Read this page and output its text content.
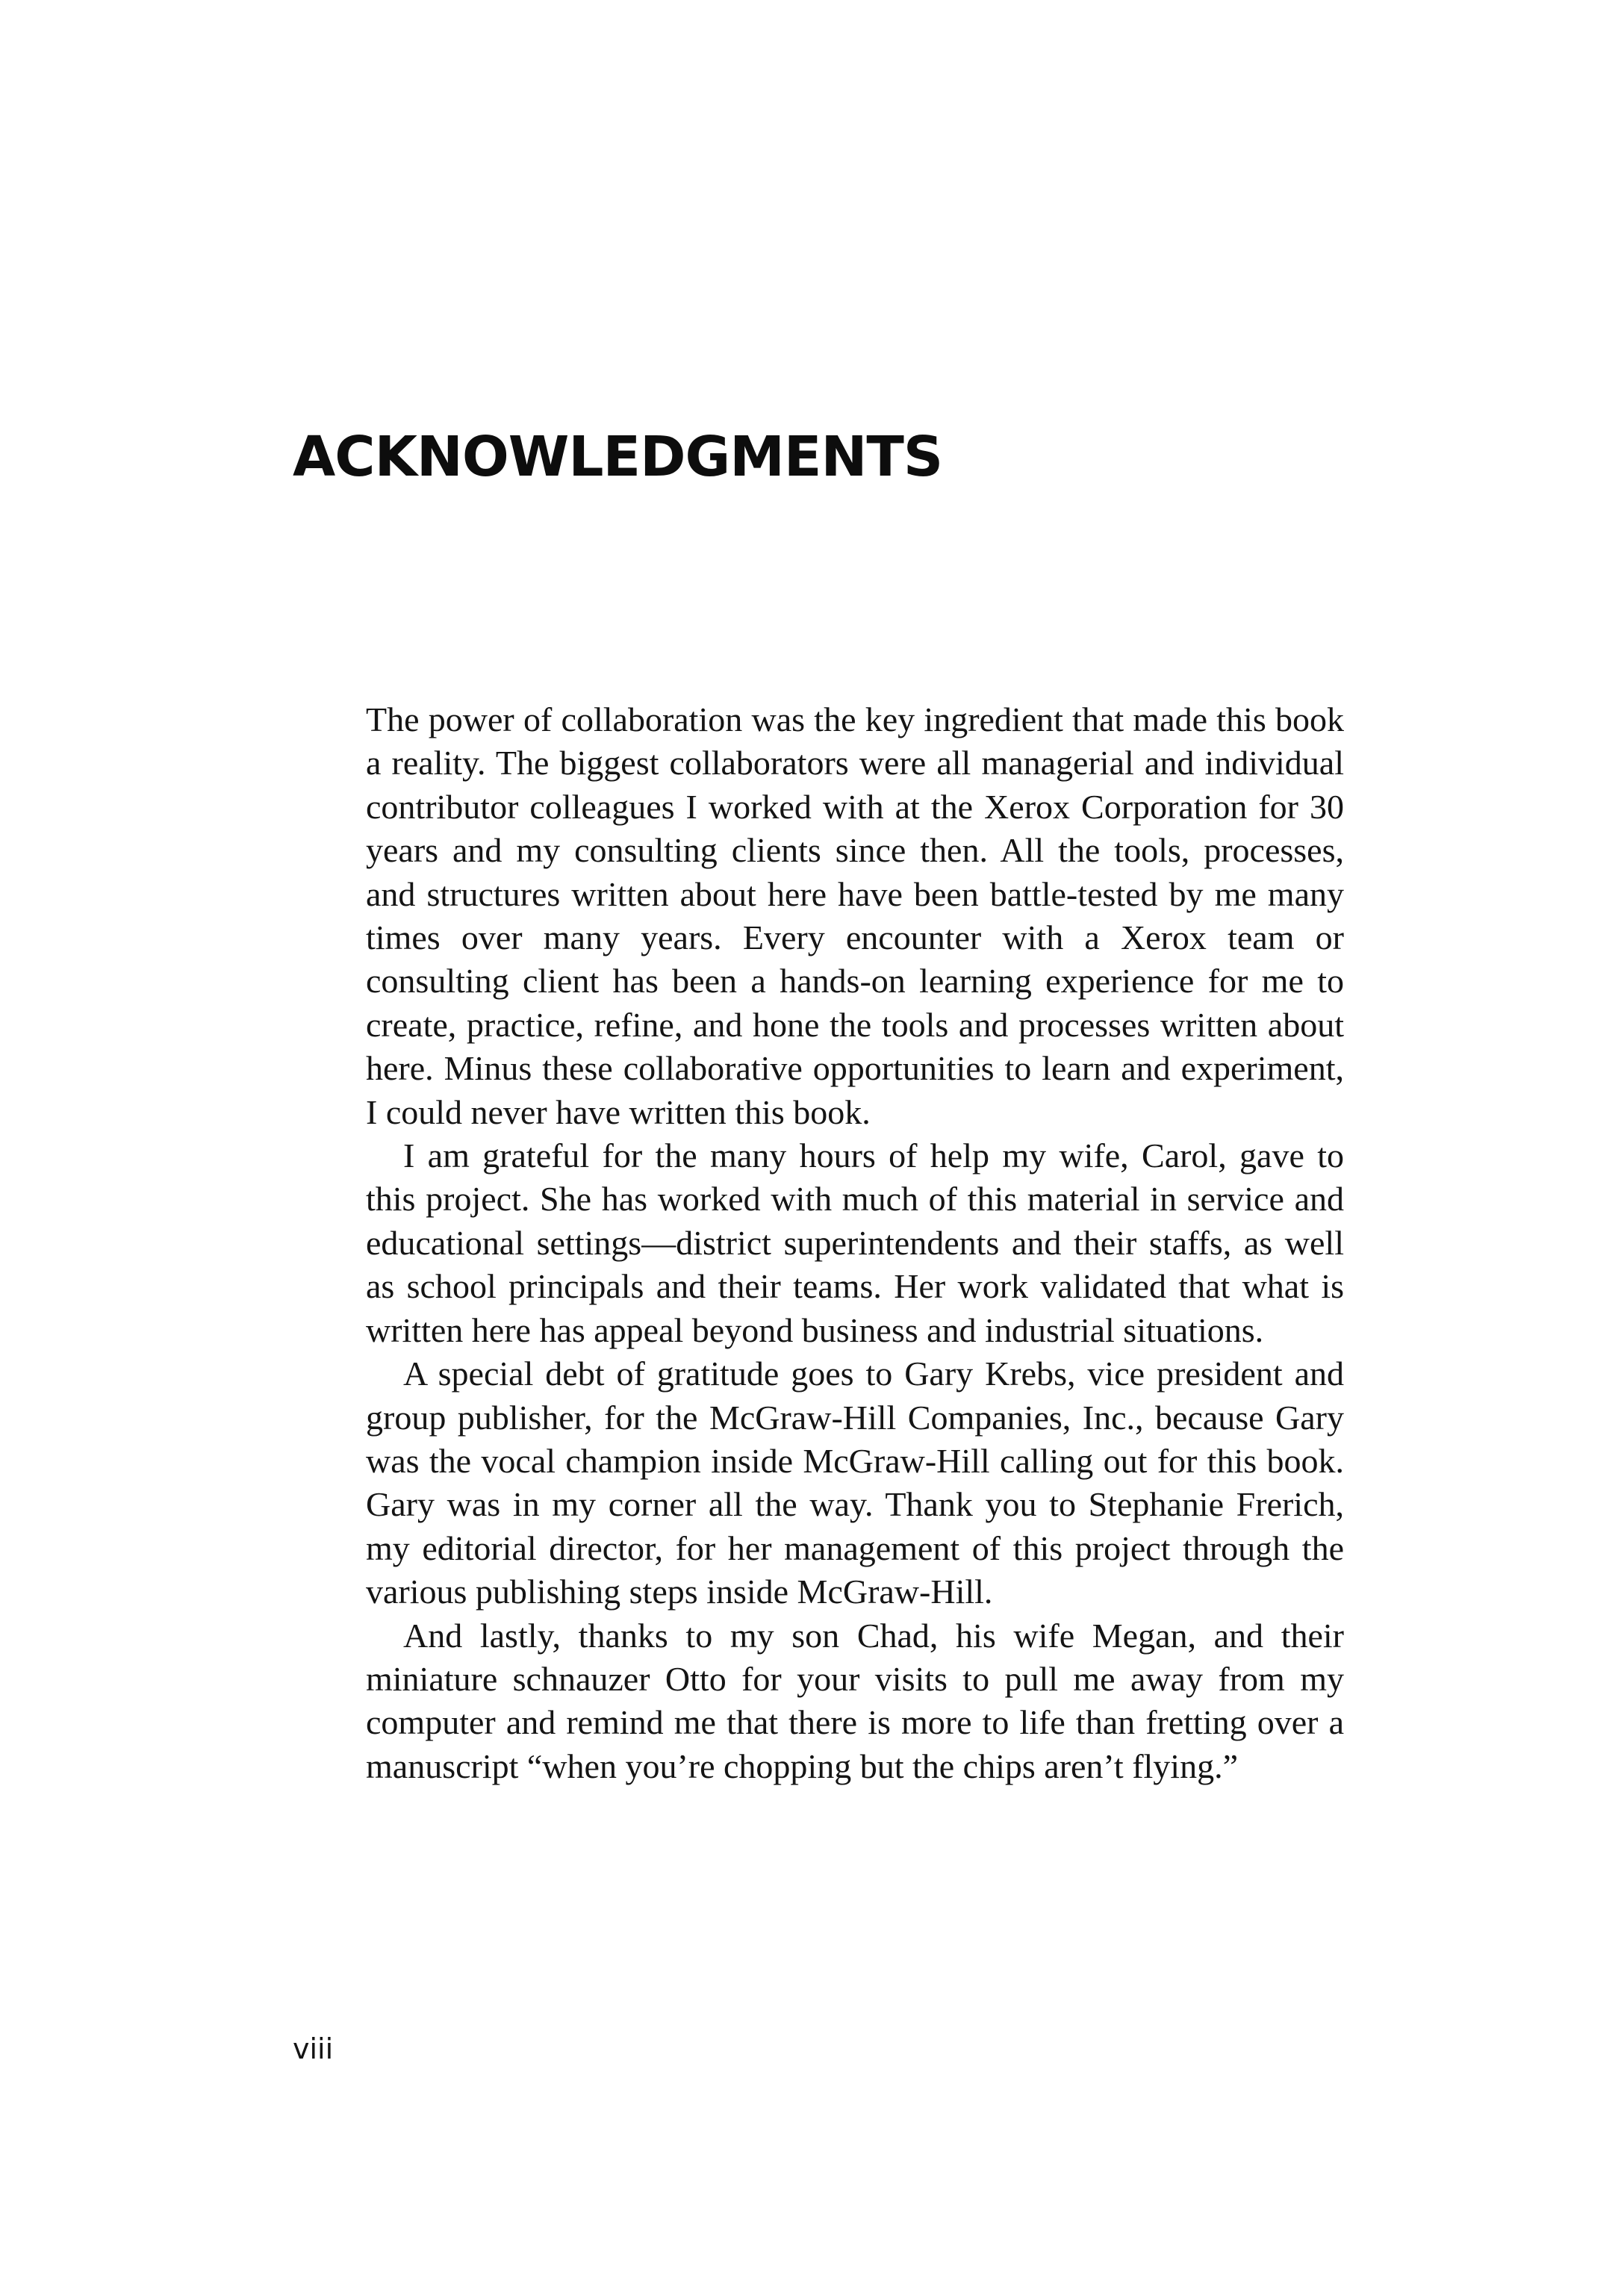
ACKNOWLEDGMENTS

The power of collaboration was the key ingredient that made this book a reality. The biggest collaborators were all managerial and individual contributor colleagues I worked with at the Xerox Corporation for 30 years and my consulting clients since then. All the tools, processes, and structures written about here have been battle-tested by me many times over many years. Every encounter with a Xerox team or consulting client has been a hands-on learning experience for me to create, practice, refine, and hone the tools and processes written about here. Minus these collaborative opportunities to learn and experiment, I could never have written this book.

I am grateful for the many hours of help my wife, Carol, gave to this project. She has worked with much of this material in service and educational settings—district superintendents and their staffs, as well as school principals and their teams. Her work validated that what is written here has appeal beyond business and industrial situations.

A special debt of gratitude goes to Gary Krebs, vice president and group publisher, for the McGraw-Hill Companies, Inc., because Gary was the vocal champion inside McGraw-Hill calling out for this book. Gary was in my corner all the way. Thank you to Stephanie Frerich, my editorial director, for her management of this project through the various publishing steps inside McGraw-Hill.

And lastly, thanks to my son Chad, his wife Megan, and their miniature schnauzer Otto for your visits to pull me away from my computer and remind me that there is more to life than fretting over a manuscript “when you’re chopping but the chips aren’t flying.”

viii
